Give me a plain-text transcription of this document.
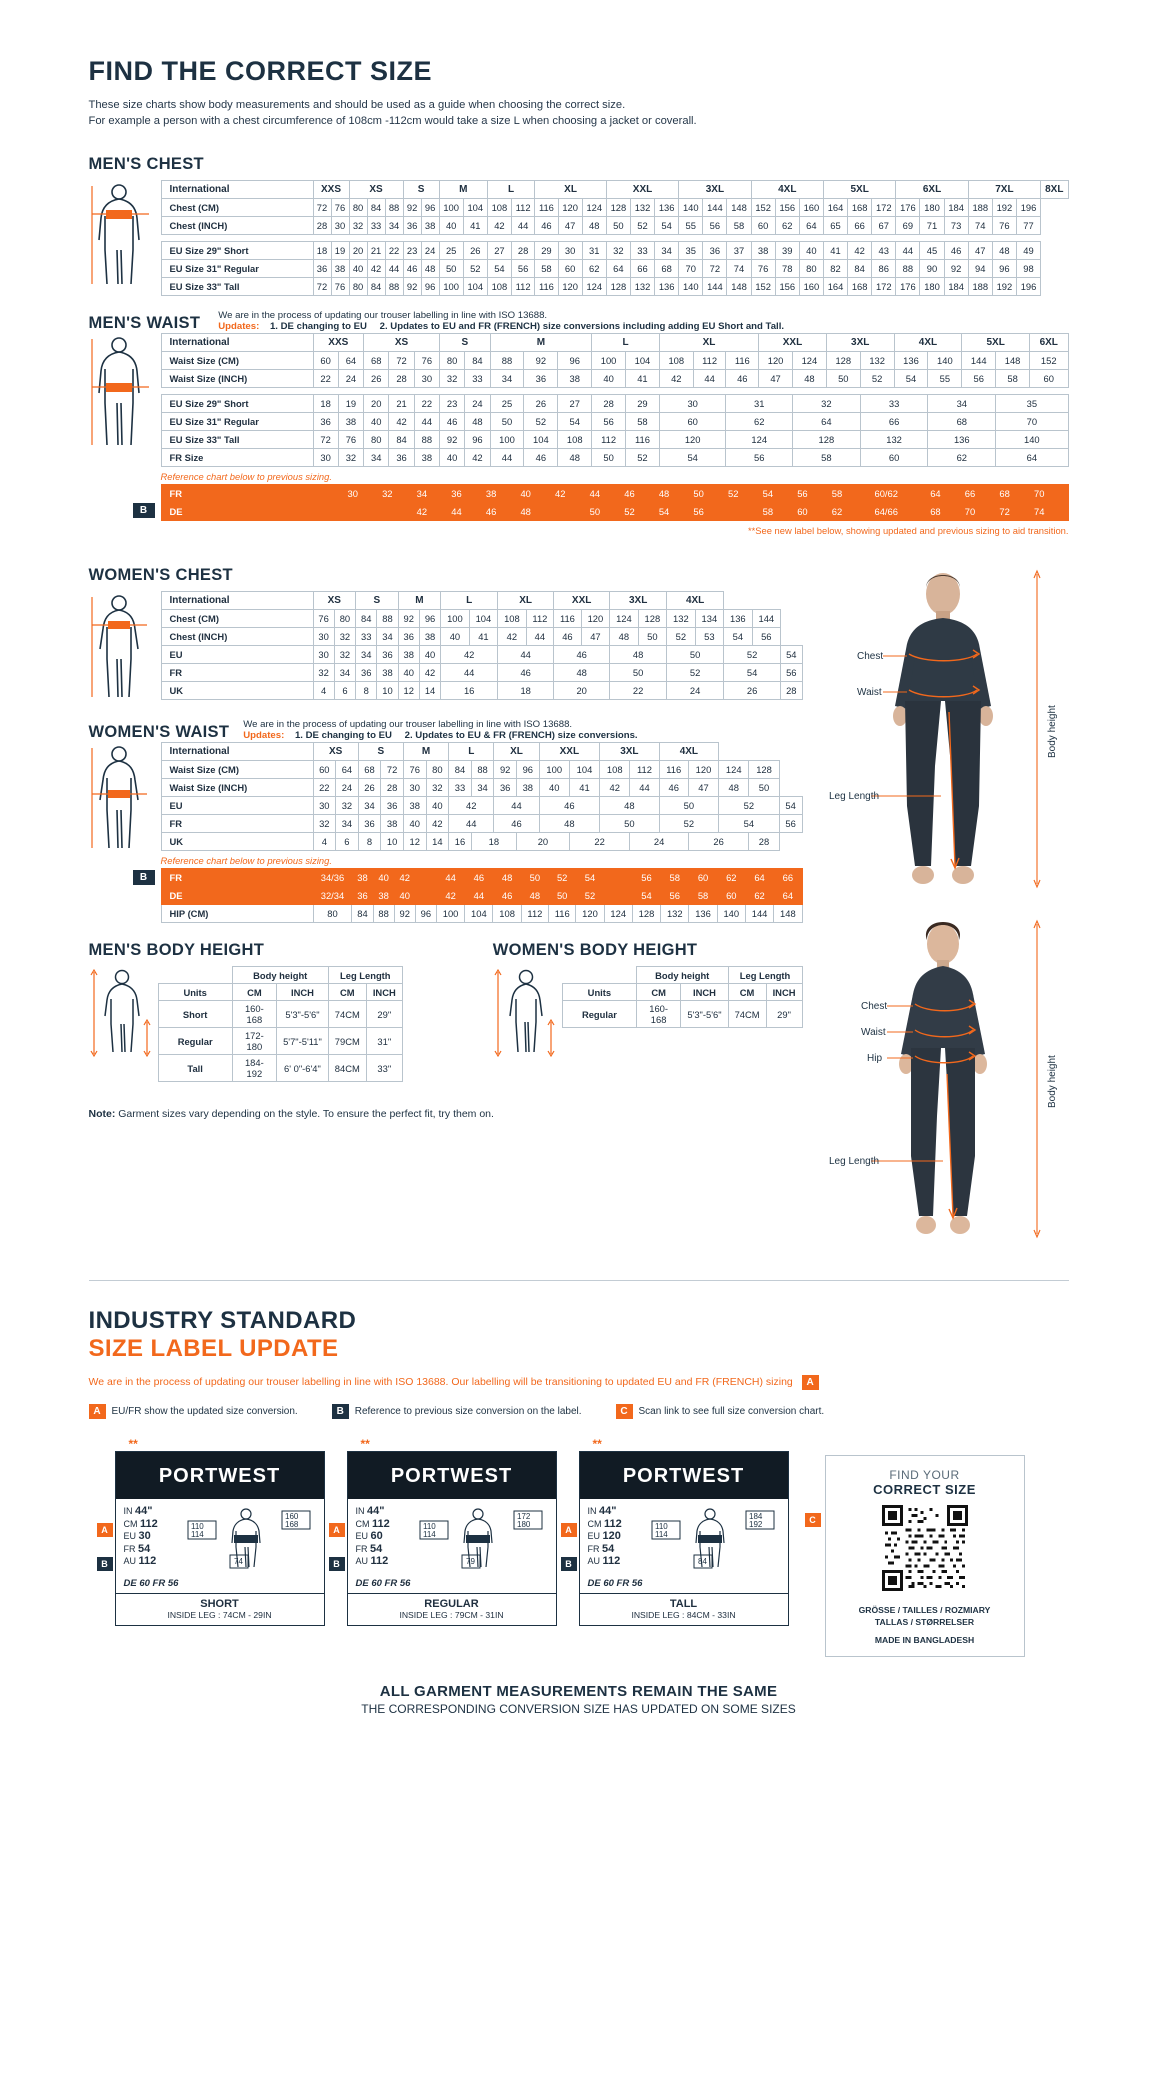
FIND THE CORRECT SIZE

These size charts show body measurements and should be used as a guide when choosing the correct size.
For example a person with a chest circumference of 108cm -112cm would take a size L when choosing a jacket or coverall.

MEN'S CHEST
International	XXS		XS			S		M		L		XL			XXL			3XL			4XL			5XL			6XL			7XL			8XL
Chest (CM)	72	76	80	84	88	92	96	100	104	108	112	116	120	124	128	132	136	140	144	148	152	156	160	164	168	172	176	180	184	188	192	196	
Chest (INCH)	28	30	32	33	34	36	38	40	41	42	44	46	47	48	50	52	54	55	56	58	60	62	64	65	66	67	69	71	73	74	76	77	

EU Size 29" Short	18	19	20	21	22	23	24	25	26	27	28	29	30	31	32	33	34	35	36	37	38	39	40	41	42	43	44	45	46	47	48	49	
EU Size 31" Regular	36	38	40	42	44	46	48	50	52	54	56	58	60	62	64	66	68	70	72	74	76	78	80	82	84	86	88	90	92	94	96	98	
EU Size 33" Tall	72	76	80	84	88	92	96	100	104	108	112	116	120	124	128	132	136	140	144	148	152	156	160	164	168	172	176	180	184	188	192	196	
MEN'S WAIST We are in the process of updating our trouser labelling in line with ISO 13688.
Updates: 1. DE changing to EU 2. Updates to EU and FR (FRENCH) size conversions including adding EU Short and Tall.
International	XXS		XS			S		M			L		XL			XXL		3XL		4XL		5XL		6XL
Waist Size (CM)	60	64	68	72	76	80	84	88	92	96	100	104	108	112	116	120	124	128	132	136	140	144	148	152
Waist Size (INCH)	22	24	26	28	30	32	33	34	36	38	40	41	42	44	46	47	48	50	52	54	55	56	58	60

EU Size 29" Short	18	19	20	21	22	23	24	25	26	27	28	29	30		31		32		33		34		35	
EU Size 31" Regular	36	38	40	42	44	46	48	50	52	54	56	58	60		62		64		66		68		70	
EU Size 33" Tall	72	76	80	84	88	92	96	100	104	108	112	116	120		124		128		132		136		140	
FR Size	30	32	34	36	38	40	42	44	46	48	50	52	54		56		58		60		62		64	
Reference chart below to previous sizing.
B
FR			30	32	34	36	38	40	42	44	46	48	50	52	54	56	58	60/62	64	66	68	70	
DE					42	44	46	48		50	52	54	56		58	60	62	64/66	68	70	72	74	
**See new label below, showing updated and previous sizing to aid transition.
WOMEN'S CHEST
International	XS		S		M		L		XL		XXL		3XL		4XL				
Chest (CM)	76	80	84	88	92	96	100	104	108	112	116	120	124	128	132	134	136	144	
Chest (INCH)	30	32	33	34	36	38	40	41	42	44	46	47	48	50	52	53	54	56	
EU	30	32	34	36	38	40	42		44		46		48		50		52		54
FR	32	34	36	38	40	42	44		46		48		50		52		54		56
UK	4	6	8	10	12	14	16		18		20		22		24		26		28
WOMEN'S WAIST We are in the process of updating our trouser labelling in line with ISO 13688.
Updates: 1. DE changing to EU 2. Updates to EU & FR (FRENCH) size conversions.
International	XS		S		M		L		XL		XXL		3XL		4XL				
Waist Size (CM)	60	64	68	72	76	80	84	88	92	96	100	104	108	112	116	120	124	128	
Waist Size (INCH)	22	24	26	28	30	32	33	34	36	38	40	41	42	44	46	47	48	50	
EU	30	32	34	36	38	40	42		44		46		48		50		52		54
FR	32	34	36	38	40	42	44		46		48		50		52		54		56
UK	4	6	8	10	12	14	16	18		20		22		24		26		28	
Reference chart below to previous sizing.
B	FR	34/36	38	40	42		44	46	48	50	52	54		56	58	60	62	64	66
DE	32/34	36	38	40		42	44	46	48	50	52		54	56	58	60	62	64
HIP (CM)	80	84	88	92	96	100	104	108	112	116	120	124	128	132	136	140	144	148
MEN'S BODY HEIGHT
	Body height		Leg Length	
Units	CM	INCH	CM	INCH
Short	160-168	5'3"-5'6"	74CM	29"
Regular	172-180	5'7"-5'11"	79CM	31"
Tall	184-192	6' 0"-6'4"	84CM	33"
WOMEN'S BODY HEIGHT
	Body height		Leg Length	
Units	CM	INCH	CM	INCH
Regular	160-168	5'3"-5'6"	74CM	29"

Note: Garment sizes vary depending on the style. To ensure the perfect fit, try them on.

Chest
Waist
Leg Length
Body height
Chest
Waist
Hip
Leg Length
Body height
INDUSTRY STANDARD
SIZE LABEL UPDATE
We are in the process of updating our trouser labelling in line with ISO 13688. Our labelling will be transitioning to updated EU and FR (FRENCH) sizing A
A	EU/FR show the updated size conversion.	B	Reference to previous size conversion on the label.	C	Scan link to see full size conversion chart.
**
PORTWEST
IN 44"
CM 112
EU 30
FR 54
AU 112
110
114
160
168
74
DE 60 FR 56
SHORT
INSIDE LEG : 74CM - 29IN
A
B
**
PORTWEST
IN 44"
CM 112
EU 60
FR 54
AU 112
110
114
172
180
79
DE 60 FR 56
REGULAR
INSIDE LEG : 79CM - 31IN
A
B
**
PORTWEST
IN 44"
CM 112
EU 120
FR 54
AU 112
110
114
184
192
84
DE 60 FR 56
TALL
INSIDE LEG : 84CM - 33IN
A
B
C
FIND YOUR
CORRECT SIZE
GRÖSSE / TAILLES / ROZMIARY
TALLAS / STØRRELSER
MADE IN BANGLADESH
ALL GARMENT MEASUREMENTS REMAIN THE SAME
THE CORRESPONDING CONVERSION SIZE HAS UPDATED ON SOME SIZES
